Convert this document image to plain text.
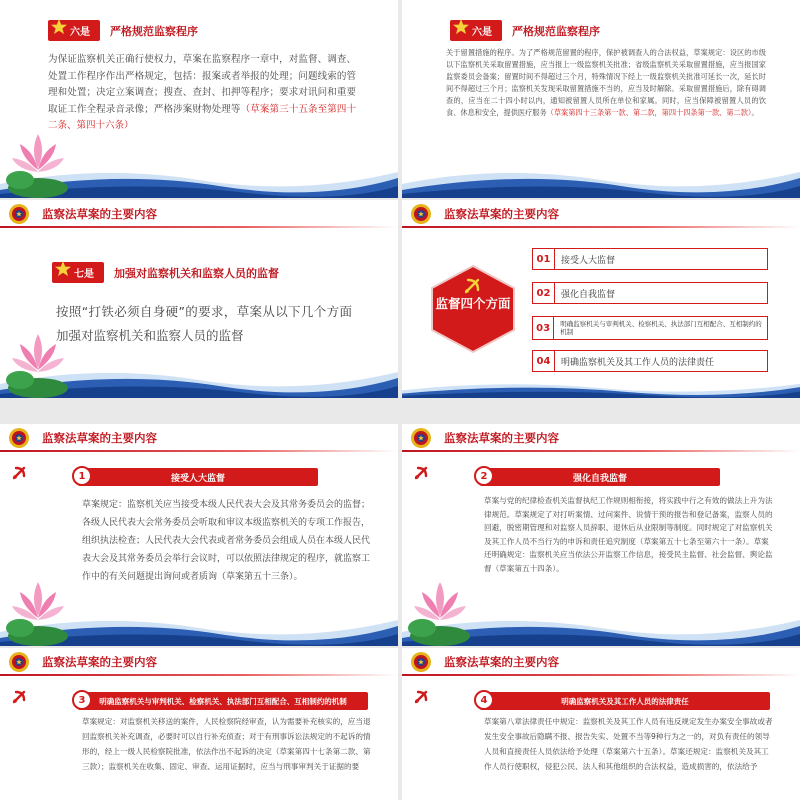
六是	严格规范监察程序
为保证监察机关正确行使权力，草案在监察程序一章中，对监督、调查、处置工作程序作出严格规定，包括：报案或者举报的处理；问题线索的管理和处置；决定立案调查；搜查、查封、扣押等程序；要求对讯问和重要取证工作全程录音录像；严格涉案财物处理等（草案第三十五条至第四十二条、第四十六条）
六是	严格规范监察程序
关于留置措施的程序。为了严格规范留置的程序，保护被调查人的合法权益，草案规定：设区的市级以下监察机关采取留置措施，应当报上一级监察机关批准；省级监察机关采取留置措施，应当报国家监察委员会备案；留置时间不得超过三个月，特殊情况下经上一级监察机关批准可延长一次，延长时间不得超过三个月；监察机关发现采取留置措施不当的，应当及时解除。采取留置措施后，除有碍调查的，应当在二十四小时以内，通知被留置人员所在单位和家属。同时，应当保障被留置人员的饮食、休息和安全，提供医疗服务（草案第四十三条第一款、第二款，第四十四条第一款、第二款）。
监察法草案的主要内容
七是	加强对监察机关和监察人员的监督
按照“打铁必须自身硬”的要求，草案从以下几个方面加强对监察机关和监察人员的监督
监察法草案的主要内容
监督四个方面
01	接受人大监督
02	强化自我监督
03	明确监察机关与审判机关、检察机关、执法部门互相配合、互相制约的机制
04	明确监察机关及其工作人员的法律责任
监察法草案的主要内容
1	接受人大监督
草案规定：监察机关应当接受本级人民代表大会及其常务委员会的监督；各级人民代表大会常务委员会听取和审议本级监察机关的专项工作报告，组织执法检查；人民代表大会代表或者常务委员会组成人员在本级人民代表大会及其常务委员会举行会议时，可以依照法律规定的程序，就监察工作中的有关问题提出询问或者质询（草案第五十三条）。
监察法草案的主要内容
2	强化自我监督
草案与党的纪律检查机关监督执纪工作规则相衔接，将实践中行之有效的做法上升为法律规范。草案规定了对打听案情、过问案件、说情干预的报告和登记备案，监察人员的回避，脱密期管理和对监察人员辞职、退休后从业限制等制度。同时规定了对监察机关及其工作人员不当行为的申诉和责任追究制度（草案第五十七条至第六十一条）。草案还明确规定：监察机关应当依法公开监察工作信息，接受民主监督、社会监督、舆论监督（草案第五十四条）。
监察法草案的主要内容
3	明确监察机关与审判机关、检察机关、执法部门互相配合、互相制约的机制
草案规定：对监察机关移送的案件，人民检察院经审查，认为需要补充核实的，应当退回监察机关补充调查，必要时可以自行补充侦查；对于有刑事诉讼法规定的不起诉的情形的，经上一级人民检察院批准，依法作出不起诉的决定（草案第四十七条第二款、第三款）；监察机关在收集、固定、审查、运用证据时，应当与刑事审判关于证据的要
监察法草案的主要内容
4	明确监察机关及其工作人员的法律责任
草案第八章法律责任中规定：监察机关及其工作人员有违反规定发生办案安全事故或者发生安全事故后隐瞒不报、报告失实、处置不当等9种行为之一的，对负有责任的领导人员和直接责任人员依法给予处理（草案第六十五条）。草案还规定：监察机关及其工作人员行使职权，侵犯公民、法人和其他组织的合法权益，造成损害的，依法给予
